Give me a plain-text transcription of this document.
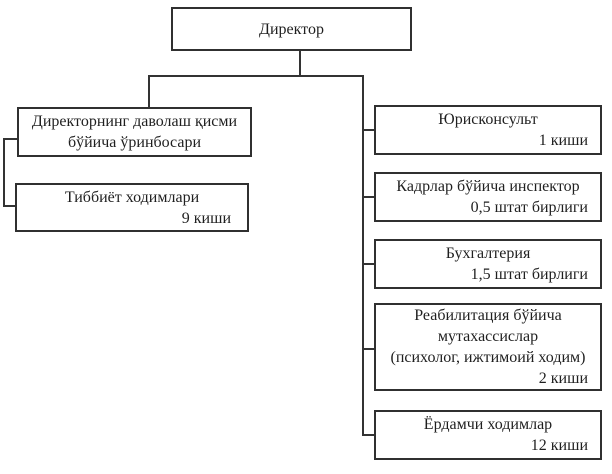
Директор
Директорнинг даволаш қисми
бўйича ўринбосари
Тиббиёт ходимлари
9 киши
Юрисконсульт
1 киши
Кадрлар бўйича инспектор
0,5 штат бирлиги
Бухгалтерия
1,5 штат бирлиги
Реабилитация бўйича
мутахассислар
(психолог, ижтимоий ходим)
2 киши
Ёрдамчи ходимлар
12 киши
